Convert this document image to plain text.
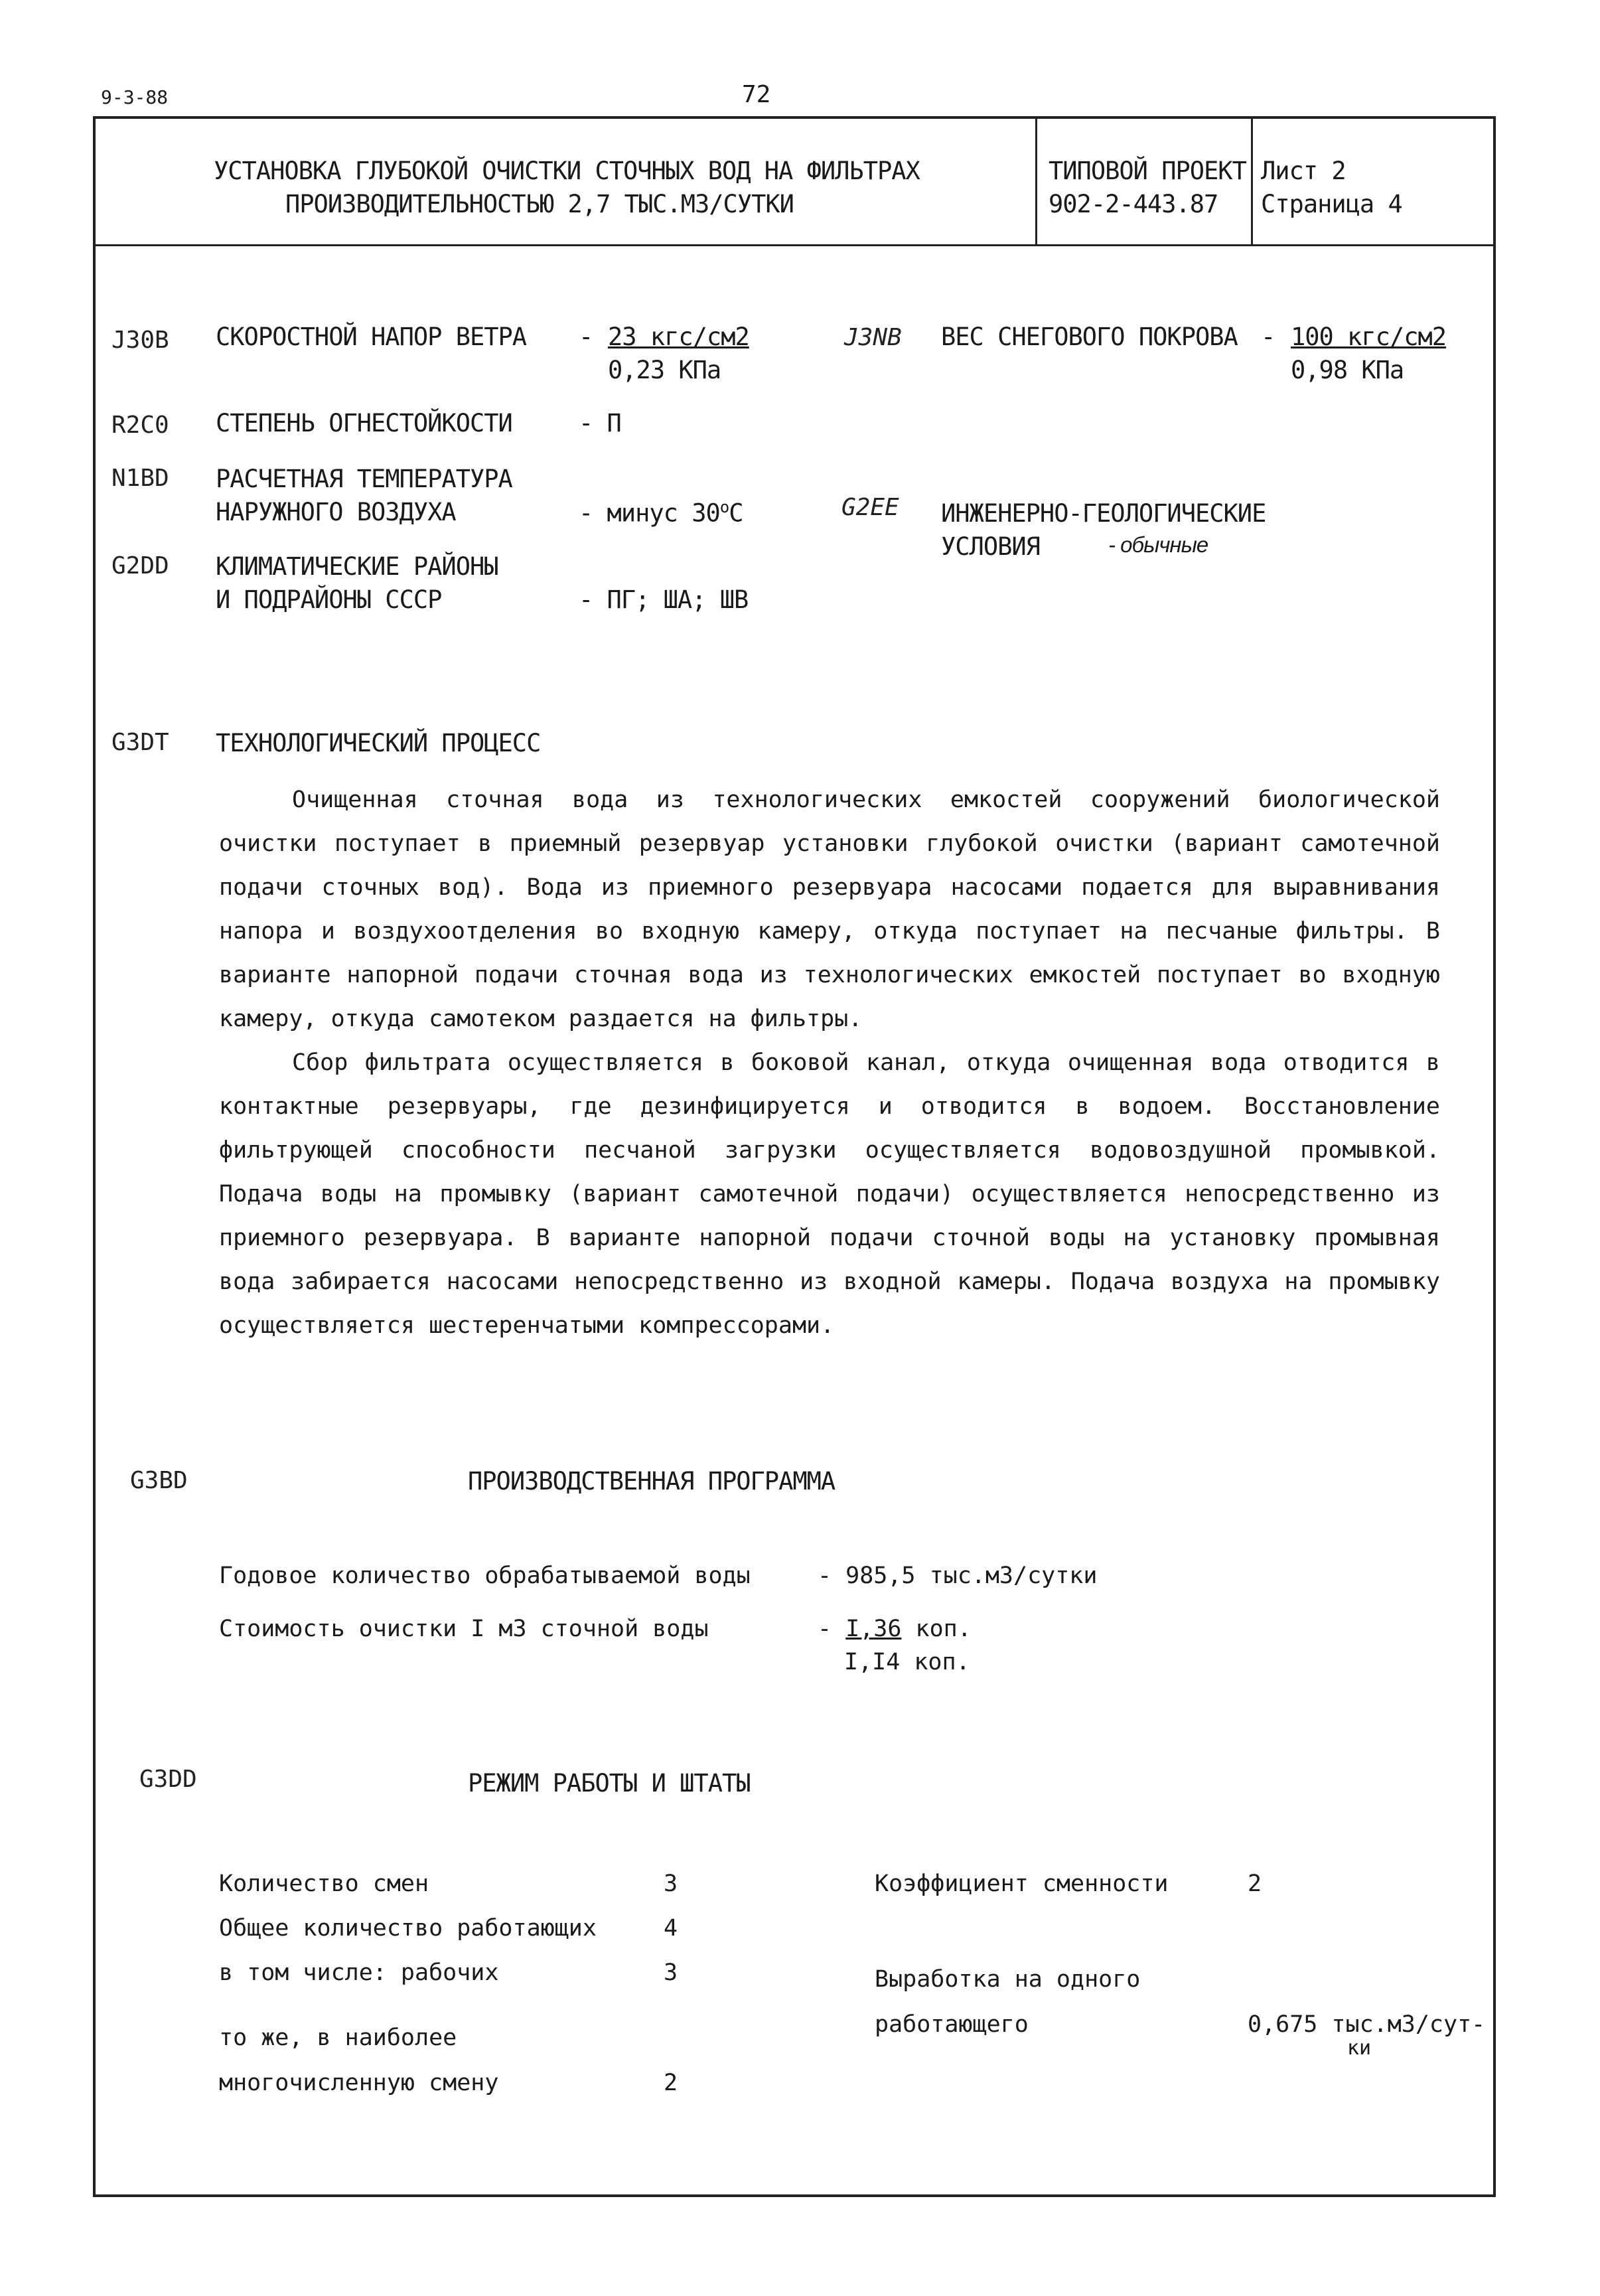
9-3-88	72
УСТАНОВКА ГЛУБОКОЙ ОЧИСТКИ СТОЧНЫХ ВОД НА ФИЛЬТРАХ
ПРОИЗВОДИТЕЛЬНОСТЬЮ 2,7 ТЫС.М3/СУТКИ
ТИПОВОЙ ПРОЕКТ
902-2-443.87
Лист 2
Страница 4
J30B СКОРОСТНОЙ НАПОР ВЕТРА - 23 кгс/см2
0,23 КПа
J3NB ВЕС СНЕГОВОГО ПОКРОВА - 100 кгс/см2
0,98 КПа
R2C0 СТЕПЕНЬ ОГНЕСТОЙКОСТИ	- П
N1BD РАСЧЕТНАЯ ТЕМПЕРАТУРА
НАРУЖНОГО ВОЗДУХА	- минус 30$^o$С	G2EE ИНЖЕНЕРНО-ГЕОЛОГИЧЕСКИЕ
УСЛОВИЯ	- обычные
G2DD КЛИМАТИЧЕСКИЕ РАЙОНЫ
И ПОДРАЙОНЫ СССР	- ПГ; ША; ШВ
G3DT ТЕХНОЛОГИЧЕСКИЙ ПРОЦЕСС

Очищенная сточная вода из технологических емкостей сооружений биологической очистки поступает в приемный резервуар установки глубокой очистки (вариант самотечной подачи сточных вод). Вода из приемного резервуара насосами подается для выравнивания напора и воздухоотделения во входную камеру, откуда поступает на песчаные фильтры. В варианте напорной подачи сточная вода из технологических емкостей поступает во входную камеру, откуда самотеком раздается на фильтры.

Сбор фильтрата осуществляется в боковой канал, откуда очищенная вода отводится в контактные резервуары, где дезинфицируется и отводится в водоем. Восстановление фильтрующей способности песчаной загрузки осуществляется водовоздушной промывкой. Подача воды на промывку (вариант самотечной подачи) осуществляется непосредственно из приемного резервуара. В варианте напорной подачи сточной воды на установку промывная вода забирается насосами непосредственно из входной камеры. Подача воздуха на промывку осуществляется шестеренчатыми компрессорами.

G3BD	ПРОИЗВОДСТВЕННАЯ ПРОГРАММА
Годовое количество обрабатываемой воды	- 985,5 тыс.м3/сутки
Стоимость очистки I м3 сточной воды	- I,36 коп.
I,I4 коп.
G3DD	РЕЖИМ РАБОТЫ И ШТАТЫ
Количество смен	3
Общее количество работающих	4
в том числе: рабочих	3
то же, в наиболее
многочисленную смену	2
Коэффициент сменности	2
Выработка на одного
работающего	0,675 тыс.м3/сут-
ки
